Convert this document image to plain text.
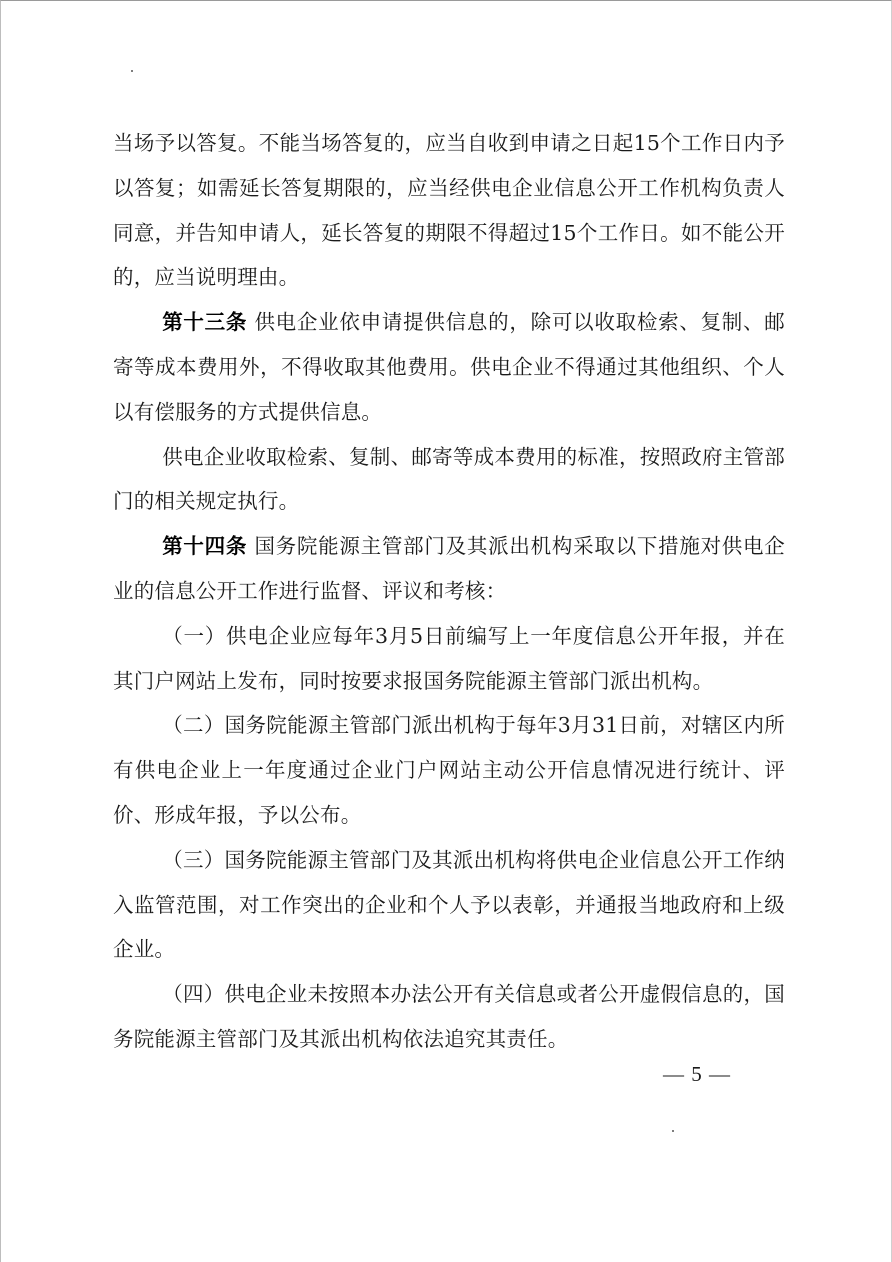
当场予以答复。不能当场答复的，应当自收到申请之日起15个工作日内予以答复；如需延长答复期限的，应当经供电企业信息公开工作机构负责人同意，并告知申请人，延长答复的期限不得超过15个工作日。如不能公开的，应当说明理由。

第十三条 供电企业依申请提供信息的，除可以收取检索、复制、邮寄等成本费用外，不得收取其他费用。供电企业不得通过其他组织、个人以有偿服务的方式提供信息。

供电企业收取检索、复制、邮寄等成本费用的标准，按照政府主管部门的相关规定执行。

第十四条 国务院能源主管部门及其派出机构采取以下措施对供电企业的信息公开工作进行监督、评议和考核：

（一）供电企业应每年3月5日前编写上一年度信息公开年报，并在其门户网站上发布，同时按要求报国务院能源主管部门派出机构。

（二）国务院能源主管部门派出机构于每年3月31日前，对辖区内所有供电企业上一年度通过企业门户网站主动公开信息情况进行统计、评价、形成年报，予以公布。

（三）国务院能源主管部门及其派出机构将供电企业信息公开工作纳入监管范围，对工作突出的企业和个人予以表彰，并通报当地政府和上级企业。

（四）供电企业未按照本办法公开有关信息或者公开虚假信息的，国务院能源主管部门及其派出机构依法追究其责任。

— 5 —
